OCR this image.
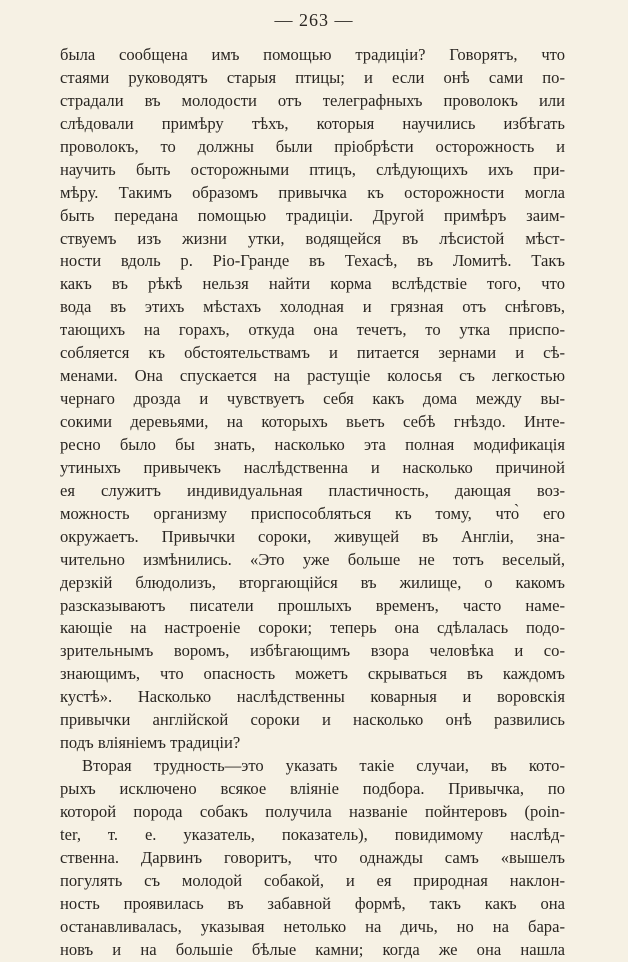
— 263 —
была сообщена имъ помощью традиціи? Говорятъ, что
стаями руководятъ старыя птицы; и если онѣ сами по-
страдали въ молодости отъ телеграфныхъ проволокъ или
слѣдовали примѣру тѣхъ, которыя научились избѣгать
проволокъ, то должны были пріобрѣсти осторожность и
научить быть осторожными птицъ, слѣдующихъ ихъ при-
мѣру. Такимъ образомъ привычка къ осторожности могла
быть передана помощью традиціи. Другой примѣръ заим-
ствуемъ изъ жизни утки, водящейся въ лѣсистой мѣст-
ности вдоль р. Ріо-Гранде въ Техасѣ, въ Ломитѣ. Такъ
какъ въ рѣкѣ нельзя найти корма вслѣдствіе того, что
вода въ этихъ мѣстахъ холодная и грязная отъ снѣговъ,
тающихъ на горахъ, откуда она течетъ, то утка приспо-
собляется къ обстоятельствамъ и питается зернами и сѣ-
менами. Она спускается на растущіе колосья съ легкостью
чернаго дрозда и чувствуетъ себя какъ дома между вы-
сокими деревьями, на которыхъ вьетъ себѣ гнѣздо. Инте-
ресно было бы знать, насколько эта полная модификація
утиныхъ привычекъ наслѣдственна и насколько причиной
ея служитъ индивидуальная пластичность, дающая воз-
можность организму приспособляться къ тому, что̀ его
окружаетъ. Привычки сороки, живущей въ Англіи, зна-
чительно измѣнились. «Это уже больше не тотъ веселый,
дерзкій блюдолизъ, вторгающійся въ жилище, о какомъ
разсказываютъ писатели прошлыхъ временъ, часто наме-
кающіе на настроеніе сороки; теперь она сдѣлалась подо-
зрительнымъ воромъ, избѣгающимъ взора человѣка и со-
знающимъ, что опасность можетъ скрываться въ каждомъ
кустѣ». Насколько наслѣдственны коварныя и воровскія
привычки англійской сороки и насколько онѣ развились
подъ вліяніемъ традиціи?
Вторая трудность—это указать такіе случаи, въ кото-
рыхъ исключено всякое вліяніе подбора. Привычка, по
которой порода собакъ получила названіе пойнтеровъ (poin-
ter, т. е. указатель, показатель), повидимому наслѣд-
ственна. Дарвинъ говоритъ, что однажды самъ «вышелъ
погулять съ молодой собакой, и ея природная наклон-
ность проявилась въ забавной формѣ, такъ какъ она
останавливалась, указывая нетолько на дичь, но на бара-
новъ и на большіе бѣлые камни; когда же она нашла
